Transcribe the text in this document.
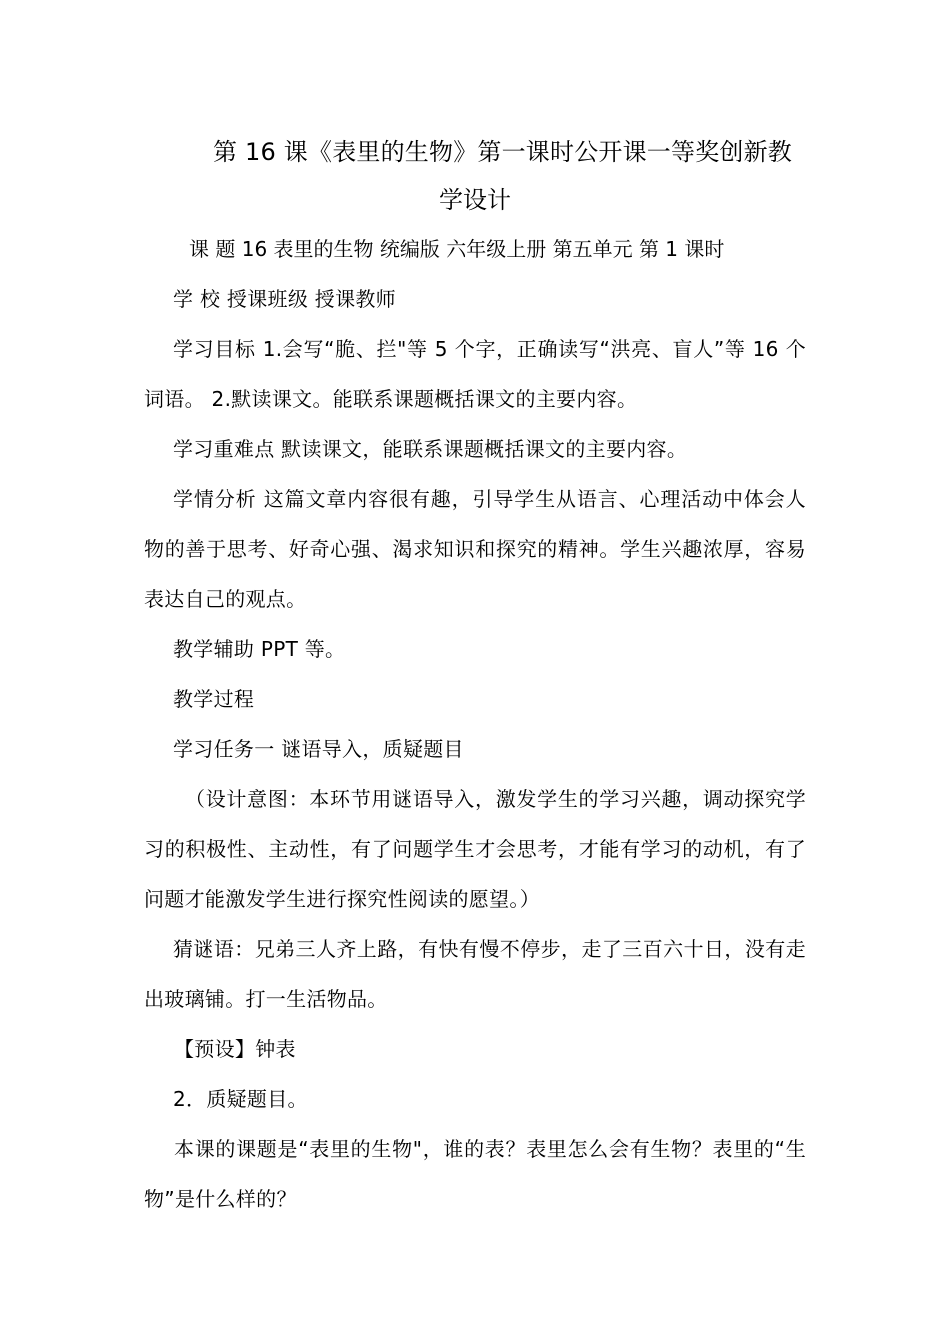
第 16 课《表里的生物》第一课时公开课一等奖创新教
学设计
课 题 16 表里的生物 统编版 六年级上册 第五单元 第 1 课时
学 校 授课班级 授课教师

学习目标 1.会写“脆、拦"等 5 个字，正确读写“洪亮、盲人”等 16 个词语。 2.默读课文。能联系课题概括课文的主要内容。

学习重难点 默读课文，能联系课题概括课文的主要内容。

学情分析 这篇文章内容很有趣，引导学生从语言、心理活动中体会人物的善于思考、好奇心强、渴求知识和探究的精神。学生兴趣浓厚，容易表达自己的观点。

教学辅助 PPT 等。

教学过程

学习任务一 谜语导入，质疑题目

（设计意图：本环节用谜语导入，激发学生的学习兴趣，调动探究学习的积极性、主动性，有了问题学生才会思考，才能有学习的动机，有了问题才能激发学生进行探究性阅读的愿望。）

猜谜语：兄弟三人齐上路，有快有慢不停步，走了三百六十日，没有走出玻璃铺。打一生活物品。

【预设】钟表

2．质疑题目。

本课的课题是“表里的生物"，谁的表？表里怎么会有生物？表里的“生物”是什么样的？
